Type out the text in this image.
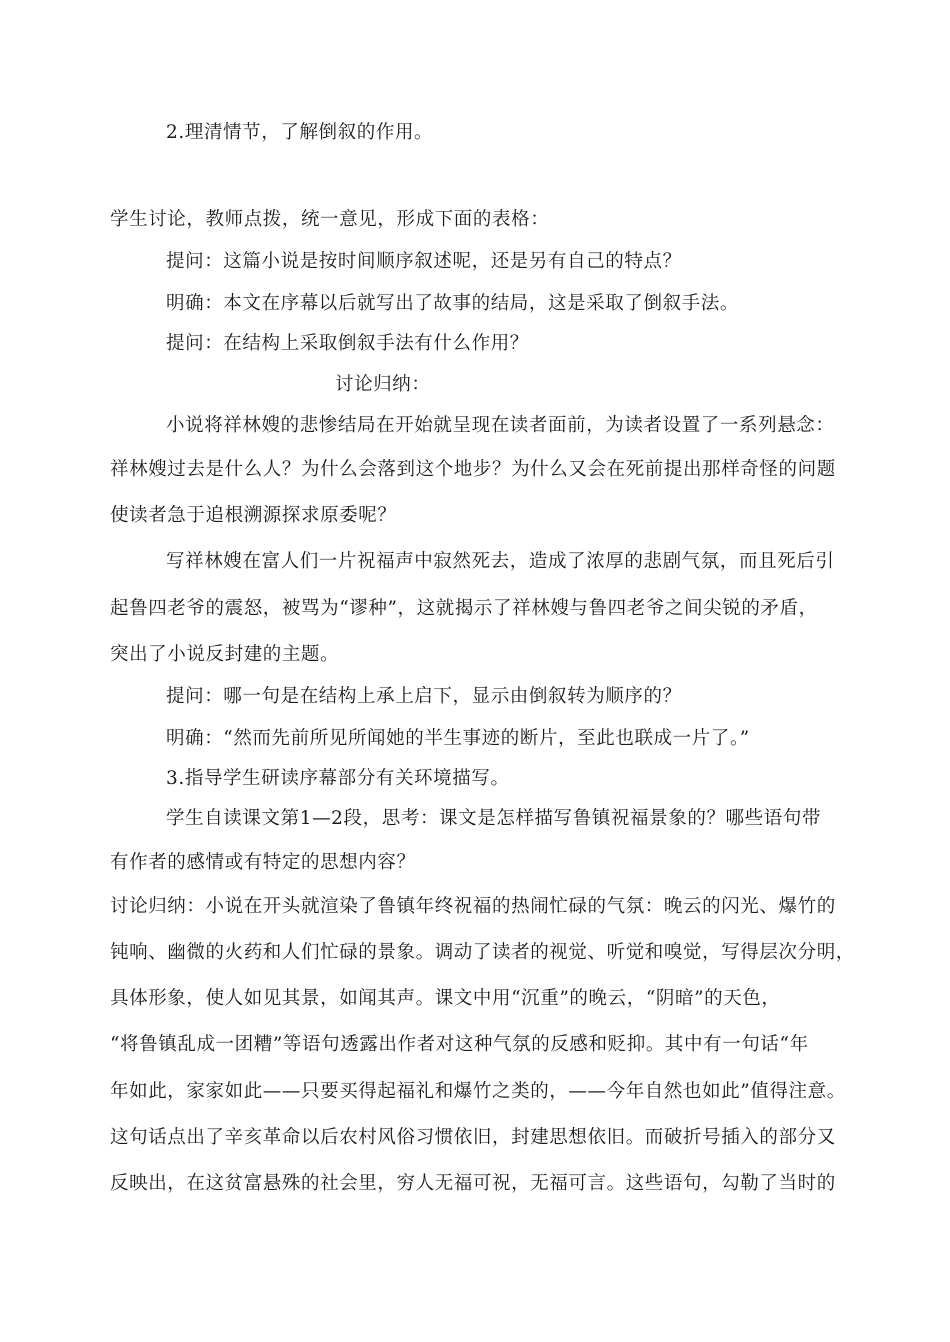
2.理清情节，了解倒叙的作用。
学生讨论，教师点拨，统一意见，形成下面的表格：
提问：这篇小说是按时间顺序叙述呢，还是另有自己的特点？
明确：本文在序幕以后就写出了故事的结局，这是采取了倒叙手法。
提问：在结构上采取倒叙手法有什么作用？
讨论归纳：
小说将祥林嫂的悲惨结局在开始就呈现在读者面前，为读者设置了一系列悬念：
祥林嫂过去是什么人？为什么会落到这个地步？为什么又会在死前提出那样奇怪的问题
使读者急于追根溯源探求原委呢？
写祥林嫂在富人们一片祝福声中寂然死去，造成了浓厚的悲剧气氛，而且死后引
起鲁四老爷的震怒，被骂为“谬种”，这就揭示了祥林嫂与鲁四老爷之间尖锐的矛盾，
突出了小说反封建的主题。
提问：哪一句是在结构上承上启下，显示由倒叙转为顺序的？
明确：“然而先前所见所闻她的半生事迹的断片，至此也联成一片了。”
3.指导学生研读序幕部分有关环境描写。
学生自读课文第1—2段，思考：课文是怎样描写鲁镇祝福景象的？哪些语句带
有作者的感情或有特定的思想内容？
讨论归纳：小说在开头就渲染了鲁镇年终祝福的热闹忙碌的气氛：晚云的闪光、爆竹的
钝响、幽微的火药和人们忙碌的景象。调动了读者的视觉、听觉和嗅觉，写得层次分明，
具体形象，使人如见其景，如闻其声。课文中用“沉重”的晚云，“阴暗”的天色，
“将鲁镇乱成一团糟”等语句透露出作者对这种气氛的反感和贬抑。其中有一句话“年
年如此，家家如此——只要买得起福礼和爆竹之类的，——今年自然也如此”值得注意。
这句话点出了辛亥革命以后农村风俗习惯依旧，封建思想依旧。而破折号插入的部分又
反映出，在这贫富悬殊的社会里，穷人无福可祝，无福可言。这些语句，勾勒了当时的
